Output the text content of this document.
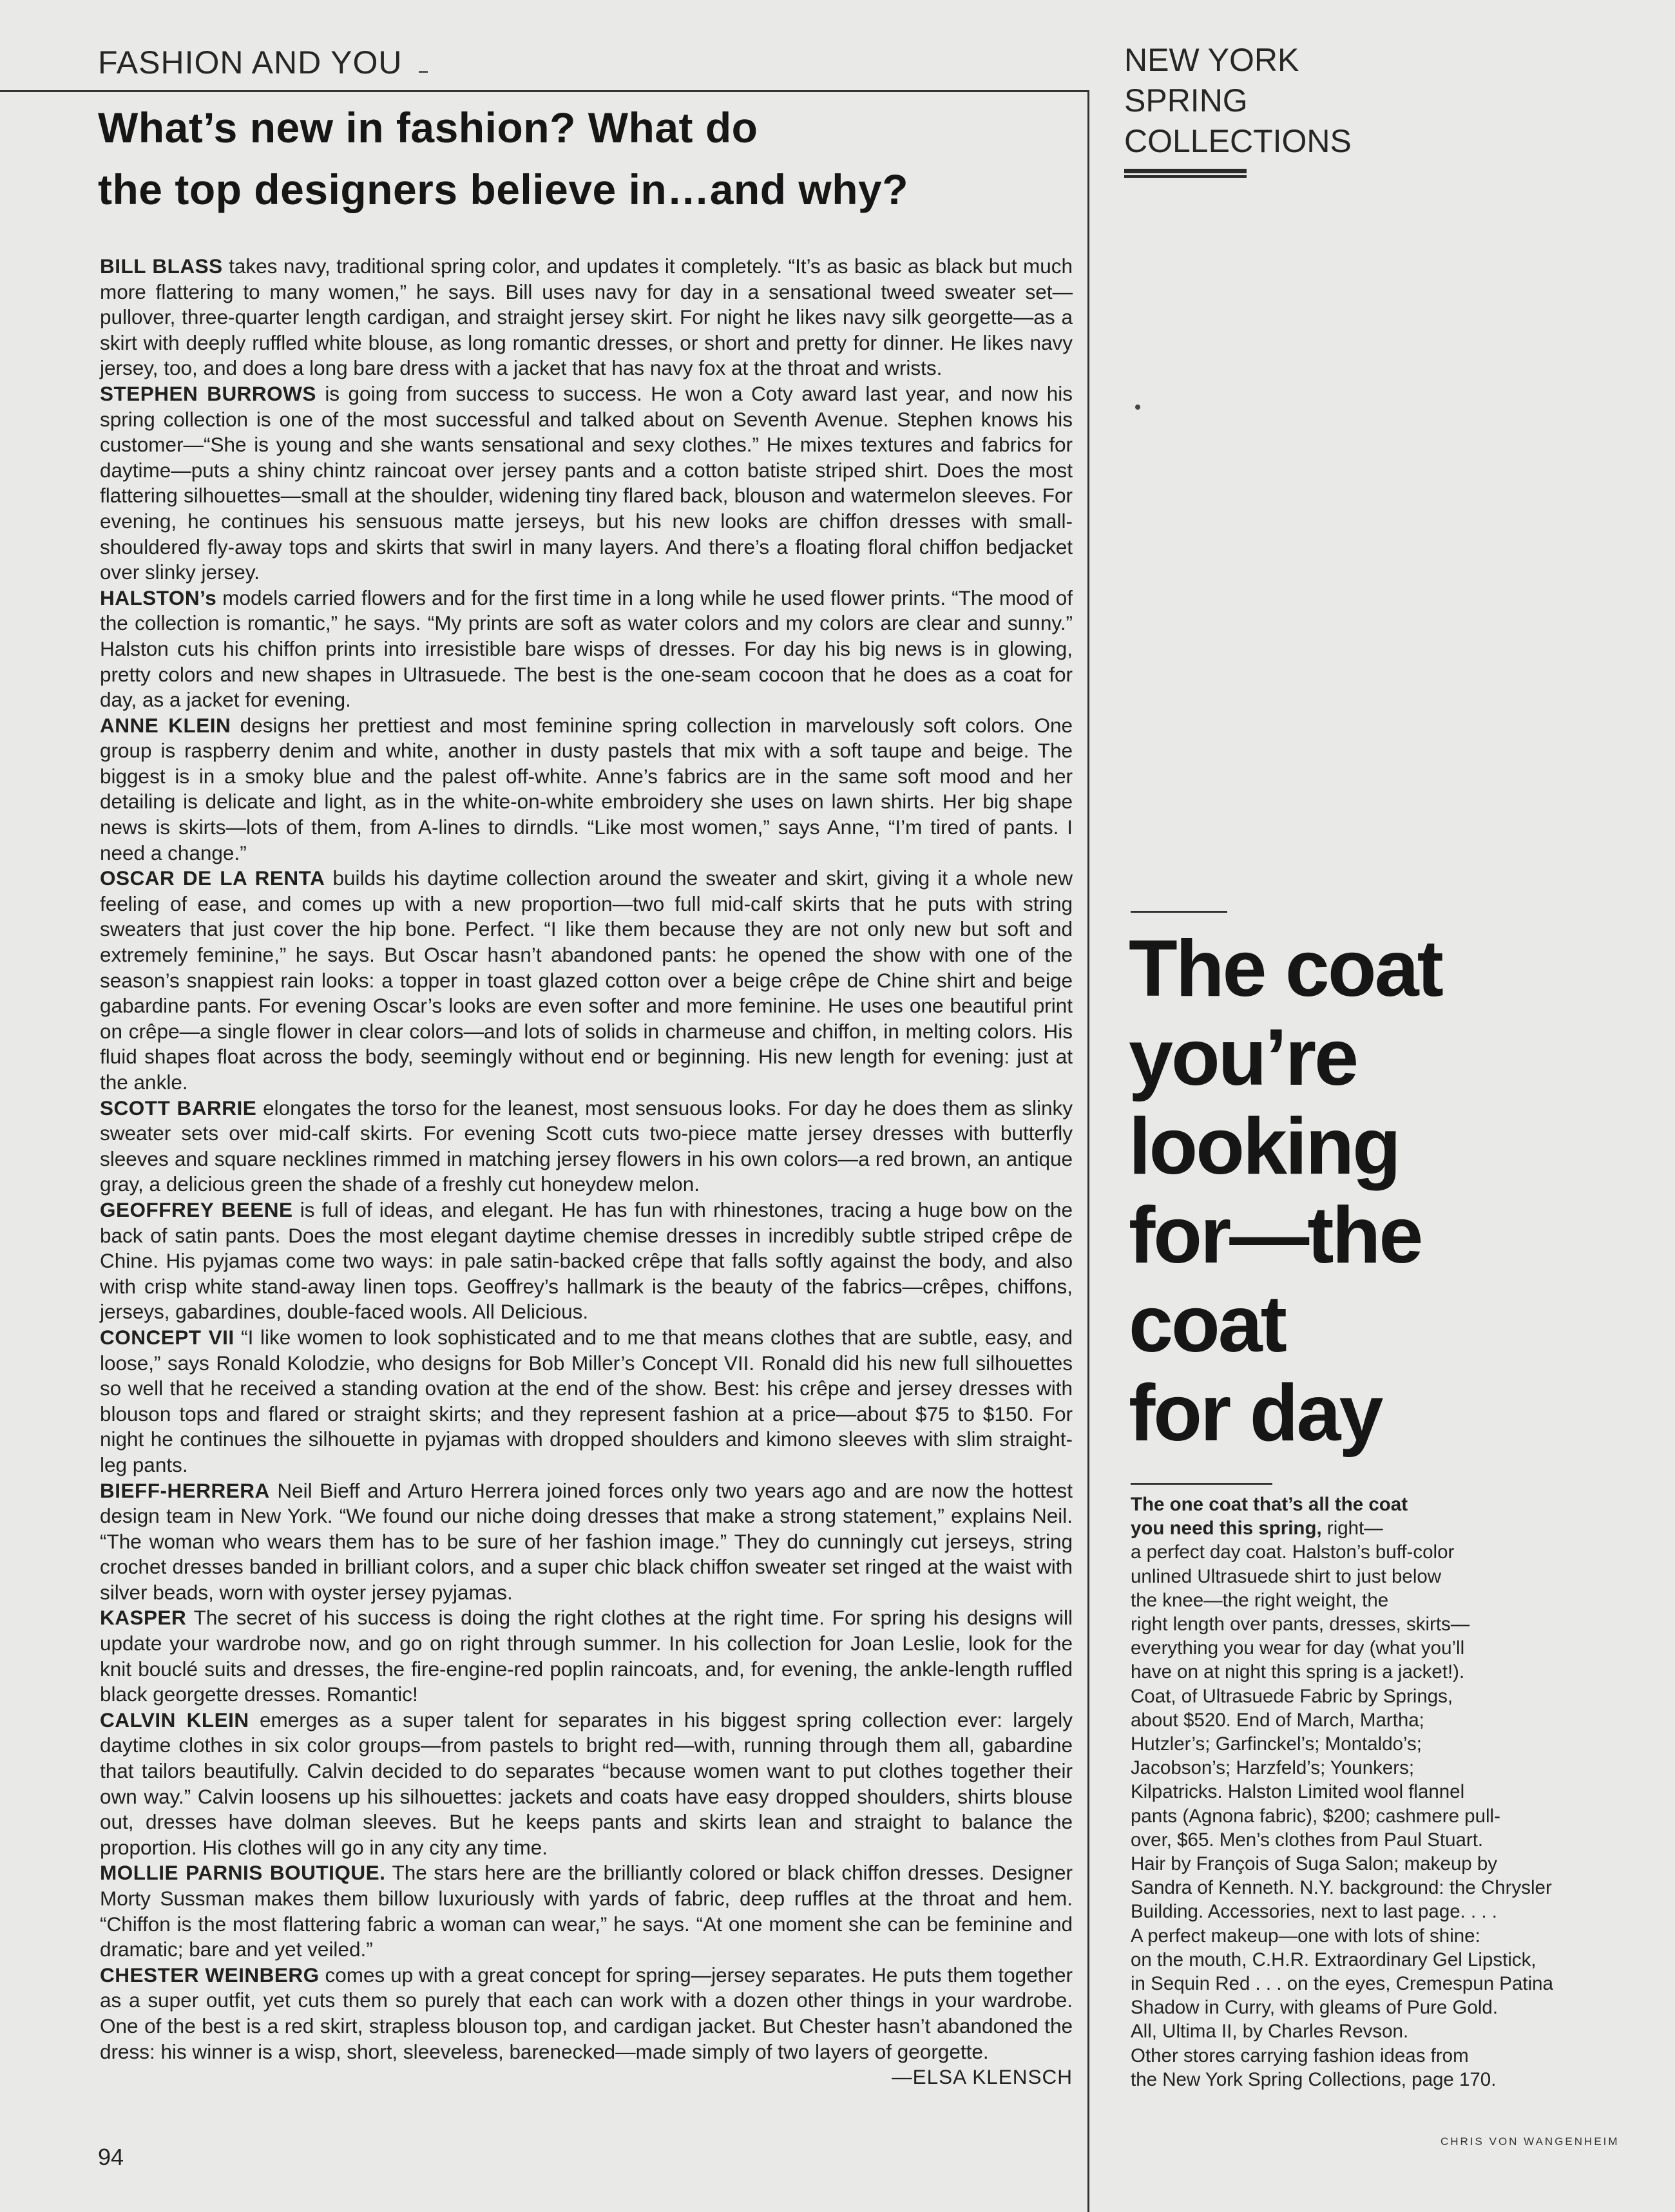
FASHION AND YOU
What’s new in fashion? What do
the top designers believe in…and why?

BILL BLASS takes navy, traditional spring color, and updates it completely. “It’s as basic as black but much more flattering to many women,” he says. Bill uses navy for day in a sensational tweed sweater set—pullover, three-quarter length cardigan, and straight jersey skirt. For night he likes navy silk georgette—as a skirt with deeply ruffled white blouse, as long romantic dresses, or short and pretty for dinner. He likes navy jersey, too, and does a long bare dress with a jacket that has navy fox at the throat and wrists.

STEPHEN BURROWS is going from success to success. He won a Coty award last year, and now his spring collection is one of the most successful and talked about on Seventh Avenue. Stephen knows his customer—“She is young and she wants sensational and sexy clothes.” He mixes textures and fabrics for daytime—puts a shiny chintz raincoat over jersey pants and a cotton batiste striped shirt. Does the most flattering silhouettes—small at the shoulder, widening tiny flared back, blouson and watermelon sleeves. For evening, he continues his sensuous matte jerseys, but his new looks are chiffon dresses with small-shouldered fly-away tops and skirts that swirl in many layers. And there’s a floating floral chiffon bedjacket over slinky jersey.

HALSTON’s models carried flowers and for the first time in a long while he used flower prints. “The mood of the collection is romantic,” he says. “My prints are soft as water colors and my colors are clear and sunny.” Halston cuts his chiffon prints into irresistible bare wisps of dresses. For day his big news is in glowing, pretty colors and new shapes in Ultrasuede. The best is the one-seam cocoon that he does as a coat for day, as a jacket for evening.

ANNE KLEIN designs her prettiest and most feminine spring collection in marvelously soft colors. One group is raspberry denim and white, another in dusty pastels that mix with a soft taupe and beige. The biggest is in a smoky blue and the palest off-white. Anne’s fabrics are in the same soft mood and her detailing is delicate and light, as in the white-on-white embroidery she uses on lawn shirts. Her big shape news is skirts—lots of them, from A-lines to dirndls. “Like most women,” says Anne, “I’m tired of pants. I need a change.”

OSCAR DE LA RENTA builds his daytime collection around the sweater and skirt, giving it a whole new feeling of ease, and comes up with a new proportion—two full mid-calf skirts that he puts with string sweaters that just cover the hip bone. Perfect. “I like them because they are not only new but soft and extremely feminine,” he says. But Oscar hasn’t abandoned pants: he opened the show with one of the season’s snappiest rain looks: a topper in toast glazed cotton over a beige crêpe de Chine shirt and beige gabardine pants. For evening Oscar’s looks are even softer and more feminine. He uses one beautiful print on crêpe—a single flower in clear colors—and lots of solids in charmeuse and chiffon, in melting colors. His fluid shapes float across the body, seemingly without end or beginning. His new length for evening: just at the ankle.

SCOTT BARRIE elongates the torso for the leanest, most sensuous looks. For day he does them as slinky sweater sets over mid-calf skirts. For evening Scott cuts two-piece matte jersey dresses with butterfly sleeves and square necklines rimmed in matching jersey flowers in his own colors—a red brown, an antique gray, a delicious green the shade of a freshly cut honeydew melon.

GEOFFREY BEENE is full of ideas, and elegant. He has fun with rhinestones, tracing a huge bow on the back of satin pants. Does the most elegant daytime chemise dresses in incredibly subtle striped crêpe de Chine. His pyjamas come two ways: in pale satin-backed crêpe that falls softly against the body, and also with crisp white stand-away linen tops. Geoffrey’s hallmark is the beauty of the fabrics—crêpes, chiffons, jerseys, gabardines, double-faced wools. All Delicious.

CONCEPT VII “I like women to look sophisticated and to me that means clothes that are subtle, easy, and loose,” says Ronald Kolodzie, who designs for Bob Miller’s Concept VII. Ronald did his new full silhouettes so well that he received a standing ovation at the end of the show. Best: his crêpe and jersey dresses with blouson tops and flared or straight skirts; and they represent fashion at a price—about $75 to $150. For night he continues the silhouette in pyjamas with dropped shoulders and kimono sleeves with slim straight-leg pants.

BIEFF-HERRERA Neil Bieff and Arturo Herrera joined forces only two years ago and are now the hottest design team in New York. “We found our niche doing dresses that make a strong statement,” explains Neil. “The woman who wears them has to be sure of her fashion image.” They do cunningly cut jerseys, string crochet dresses banded in brilliant colors, and a super chic black chiffon sweater set ringed at the waist with silver beads, worn with oyster jersey pyjamas.

KASPER The secret of his success is doing the right clothes at the right time. For spring his designs will update your wardrobe now, and go on right through summer. In his collection for Joan Leslie, look for the knit bouclé suits and dresses, the fire-engine-red poplin raincoats, and, for evening, the ankle-length ruffled black georgette dresses. Romantic!

CALVIN KLEIN emerges as a super talent for separates in his biggest spring collection ever: largely daytime clothes in six color groups—from pastels to bright red—with, running through them all, gabardine that tailors beautifully. Calvin decided to do separates “because women want to put clothes together their own way.” Calvin loosens up his silhouettes: jackets and coats have easy dropped shoulders, shirts blouse out, dresses have dolman sleeves. But he keeps pants and skirts lean and straight to balance the proportion. His clothes will go in any city any time.

MOLLIE PARNIS BOUTIQUE. The stars here are the brilliantly colored or black chiffon dresses. Designer Morty Sussman makes them billow luxuriously with yards of fabric, deep ruffles at the throat and hem. “Chiffon is the most flattering fabric a woman can wear,” he says. “At one moment she can be feminine and dramatic; bare and yet veiled.”

CHESTER WEINBERG comes up with a great concept for spring—jersey separates. He puts them together as a super outfit, yet cuts them so purely that each can work with a dozen other things in your wardrobe. One of the best is a red skirt, strapless blouson top, and cardigan jacket. But Chester hasn’t abandoned the dress: his winner is a wisp, short, sleeveless, barenecked—made simply of two layers of georgette.
—ELSA KLENSCH

94
NEW YORK
SPRING
COLLECTIONS
The coat
you’re
looking
for—the
coat
for day
The one coat that’s all the coat
you need this spring, right—
a perfect day coat. Halston’s buff-color
unlined Ultrasuede shirt to just below
the knee—the right weight, the
right length over pants, dresses, skirts—
everything you wear for day (what you’ll
have on at night this spring is a jacket!).
Coat, of Ultrasuede Fabric by Springs,
about $520. End of March, Martha;
Hutzler’s; Garfinckel’s; Montaldo’s;
Jacobson’s; Harzfeld’s; Younkers;
Kilpatricks. Halston Limited wool flannel
pants (Agnona fabric), $200; cashmere pull-
over, $65. Men’s clothes from Paul Stuart.
Hair by François of Suga Salon; makeup by
Sandra of Kenneth. N.Y. background: the Chrysler
Building. Accessories, next to last page. . . .
A perfect makeup—one with lots of shine:
on the mouth, C.H.R. Extraordinary Gel Lipstick,
in Sequin Red . . . on the eyes, Cremespun Patina
Shadow in Curry, with gleams of Pure Gold.
All, Ultima II, by Charles Revson.
Other stores carrying fashion ideas from
the New York Spring Collections, page 170.
CHRIS VON WANGENHEIM
